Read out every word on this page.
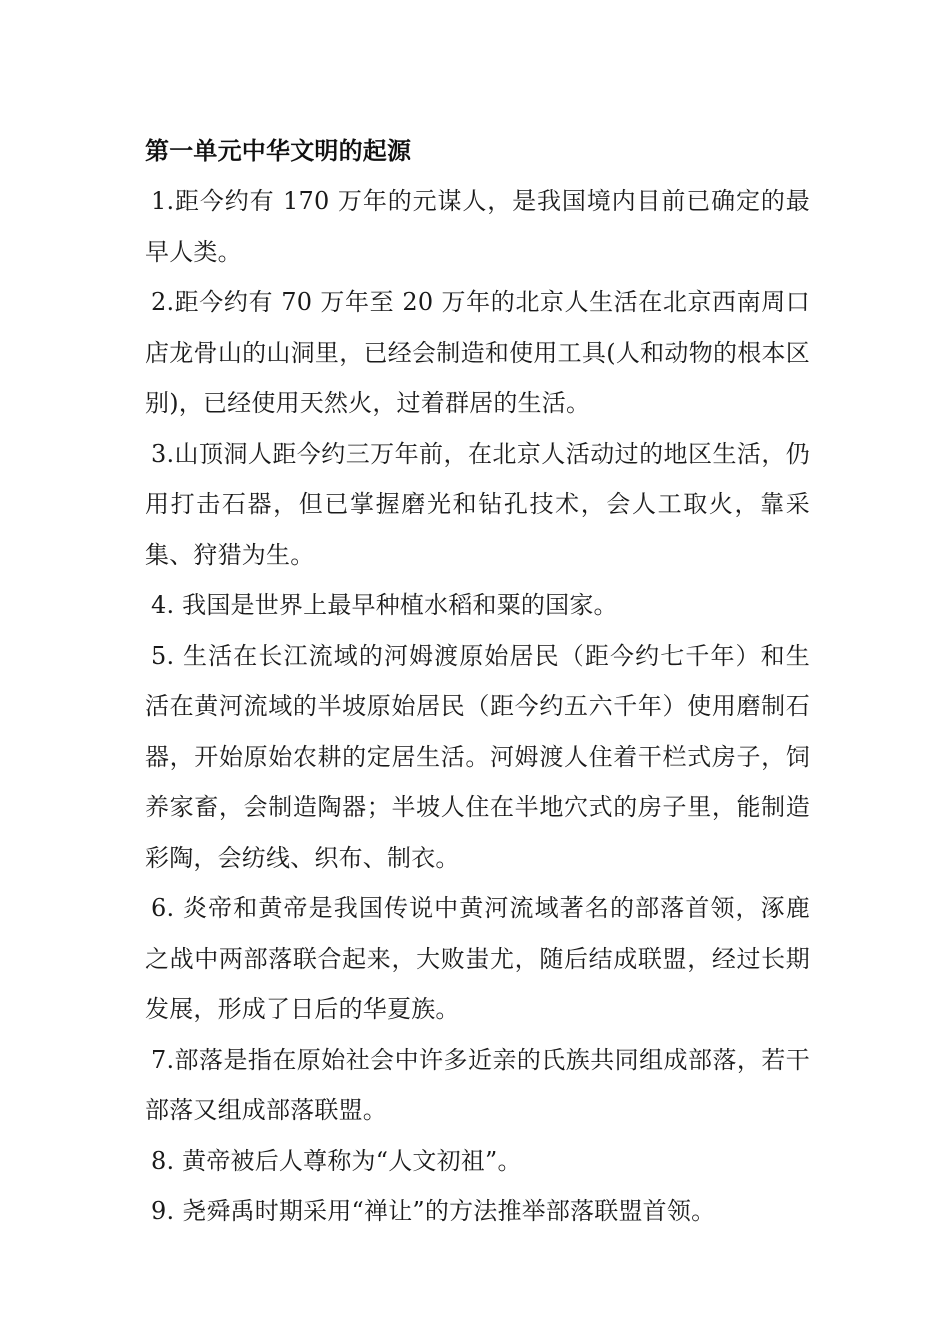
第一单元中华文明的起源

1.距今约有 170 万年的元谋人，是我国境内目前已确定的最早人类。

2.距今约有 70 万年至 20 万年的北京人生活在北京西南周口店龙骨山的山洞里，已经会制造和使用工具(人和动物的根本区别)，已经使用天然火，过着群居的生活。

3.山顶洞人距今约三万年前，在北京人活动过的地区生活，仍用打击石器，但已掌握磨光和钻孔技术，会人工取火，靠采集、狩猎为生。

4. 我国是世界上最早种植水稻和粟的国家。

5. 生活在长江流域的河姆渡原始居民（距今约七千年）和生活在黄河流域的半坡原始居民（距今约五六千年）使用磨制石器，开始原始农耕的定居生活。河姆渡人住着干栏式房子，饲养家畜，会制造陶器；半坡人住在半地穴式的房子里，能制造彩陶，会纺线、织布、制衣。

6. 炎帝和黄帝是我国传说中黄河流域著名的部落首领，涿鹿之战中两部落联合起来，大败蚩尤，随后结成联盟，经过长期发展，形成了日后的华夏族。

7.部落是指在原始社会中许多近亲的氏族共同组成部落，若干部落又组成部落联盟。

8. 黄帝被后人尊称为“人文初祖”。

9. 尧舜禹时期采用“禅让”的方法推举部落联盟首领。
